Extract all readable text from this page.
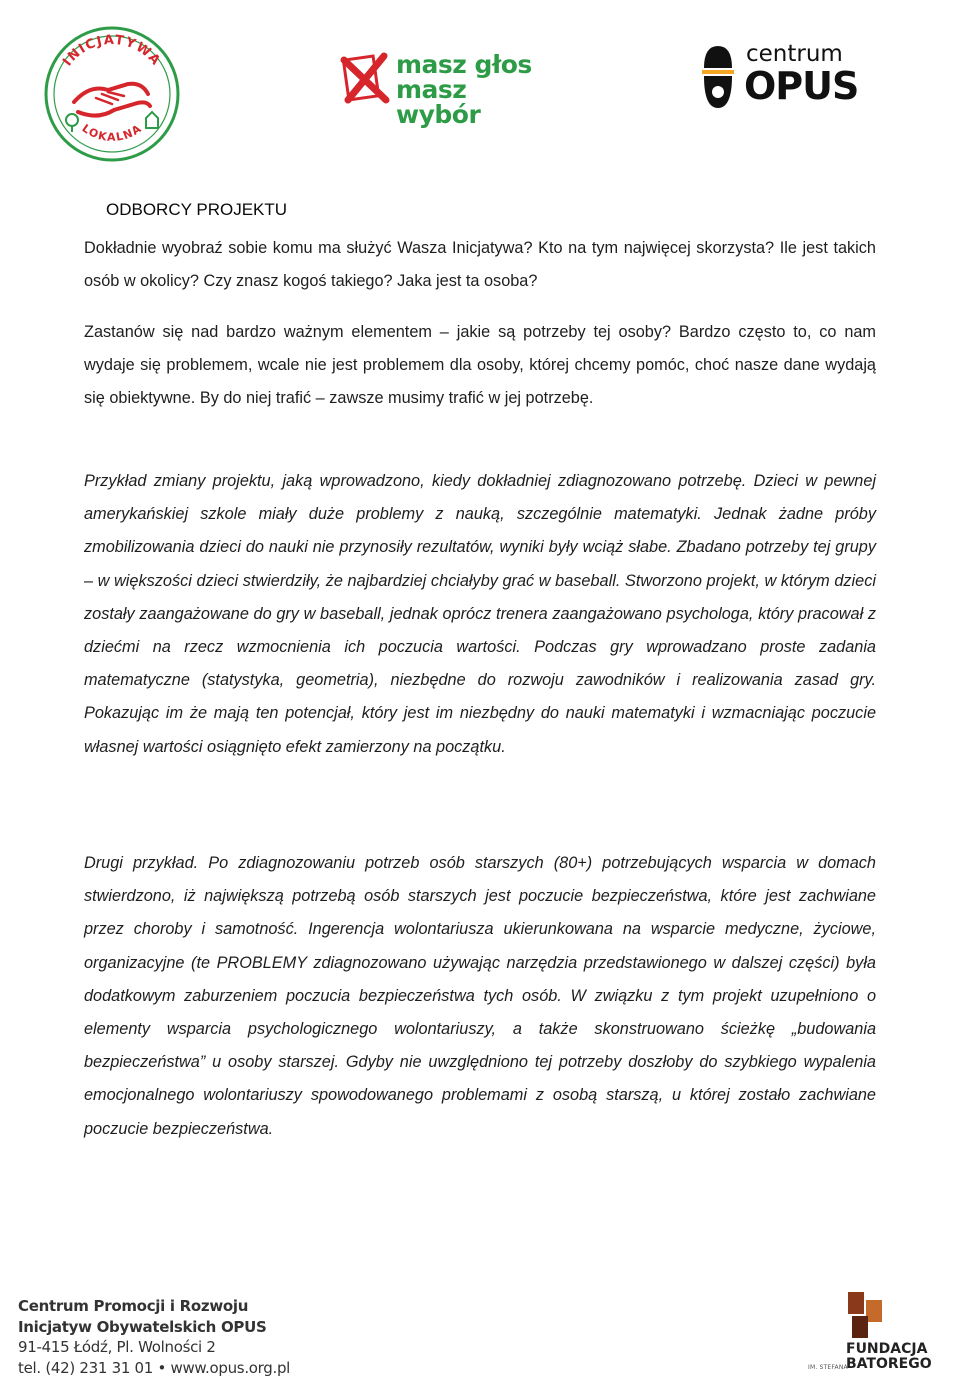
INICJATYWA
LOKALNA
masz głos
masz wybór
centrum
OPUS
ODBORCY PROJEKTU

Dokładnie wyobraź sobie komu ma służyć Wasza Inicjatywa? Kto na tym najwięcej skorzysta? Ile jest takich osób w okolicy? Czy znasz kogoś takiego? Jaka jest ta osoba?

Zastanów się nad bardzo ważnym elementem – jakie są potrzeby tej osoby? Bardzo często to, co nam wydaje się problemem, wcale nie jest problemem dla osoby, której chcemy pomóc, choć nasze dane wydają się obiektywne. By do niej trafić – zawsze musimy trafić w jej potrzebę.

Przykład zmiany projektu, jaką wprowadzono, kiedy dokładniej zdiagnozowano potrzebę. Dzieci w pewnej amerykańskiej szkole miały duże problemy z nauką, szczególnie matematyki. Jednak żadne próby zmobilizowania dzieci do nauki nie przynosiły rezultatów, wyniki były wciąż słabe. Zbadano potrzeby tej grupy – w większości dzieci stwierdziły, że najbardziej chciałyby grać w baseball. Stworzono projekt, w którym dzieci zostały zaangażowane do gry w baseball, jednak oprócz trenera zaangażowano psychologa, który pracował z dziećmi na rzecz wzmocnienia ich poczucia wartości. Podczas gry wprowadzano proste zadania matematyczne (statystyka, geometria), niezbędne do rozwoju zawodników i realizowania zasad gry. Pokazując im że mają ten potencjał, który jest im niezbędny do nauki matematyki i wzmacniając poczucie własnej wartości osiągnięto efekt zamierzony na początku.

Drugi przykład. Po zdiagnozowaniu potrzeb osób starszych (80+) potrzebujących wsparcia w domach stwierdzono, iż największą potrzebą osób starszych jest poczucie bezpieczeństwa, które jest zachwiane przez choroby i samotność. Ingerencja wolontariusza ukierunkowana na wsparcie medyczne, życiowe, organizacyjne (te PROBLEMY zdiagnozowano używając narzędzia przedstawionego w dalszej części) była dodatkowym zaburzeniem poczucia bezpieczeństwa tych osób. W związku z tym projekt uzupełniono o elementy wsparcia psychologicznego wolontariuszy, a także skonstruowano ścieżkę „budowania bezpieczeństwa” u osoby starszej. Gdyby nie uwzględniono tej potrzeby doszłoby do szybkiego wypalenia emocjonalnego wolontariuszy spowodowanego problemami z osobą starszą, u której zostało zachwiane poczucie bezpieczeństwa.

Centrum Promocji i Rozwoju
Inicjatyw Obywatelskich OPUS
91-415 Łódź, Pl. Wolności 2
tel. (42) 231 31 01 • www.opus.org.pl
FUNDACJA
BATOREGO
IM. STEFANA
